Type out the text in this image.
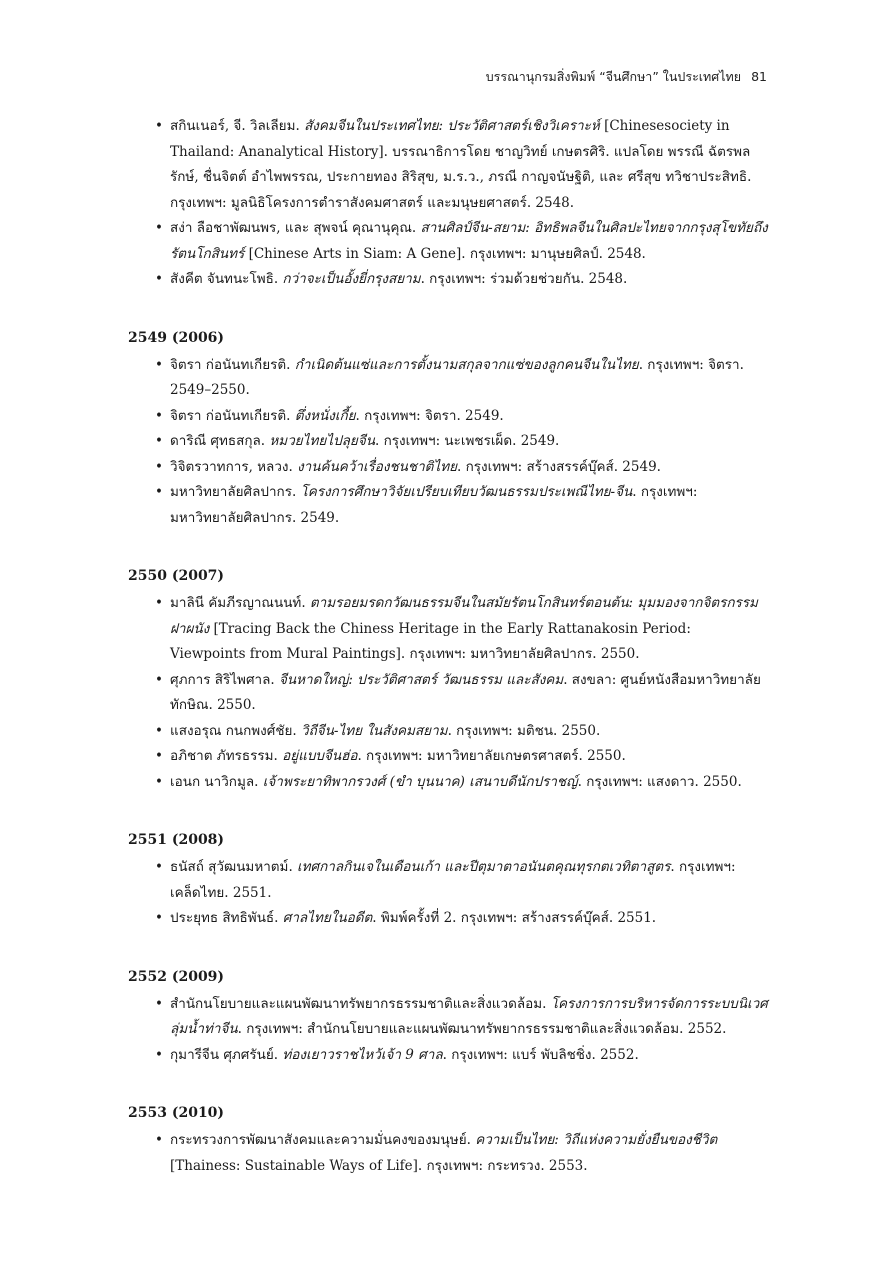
บรรณานุกรมสิ่งพิมพ์ “จีนศึกษา” ในประเทศไทย 81

• สกินเนอร์, จี. วิลเลียม. สังคมจีนในประเทศไทย: ประวัติศาสตร์เชิงวิเคราะห์ [Chinesesociety in Thailand: Ananalytical History]. บรรณาธิการโดย ชาญวิทย์ เกษตรศิริ. แปลโดย พรรณี ฉัตรพลรักษ์, ชื่นจิตต์ อำไพพรรณ, ประกายทอง สิริสุข, ม.ร.ว., ภรณี กาญจนัษฐิติ, และ ศรีสุข ทวิชาประสิทธิ. กรุงเทพฯ: มูลนิธิโครงการตำราสังคมศาสตร์ และมนุษยศาสตร์. 2548.

• สง่า ลือชาพัฒนพร, และ สุพจน์ คุณานุคุณ. สานศิลป์จีน-สยาม: อิทธิพลจีนในศิลปะไทยจากกรุงสุโขทัยถึงรัตนโกสินทร์ [Chinese Arts in Siam: A Gene]. กรุงเทพฯ: มานุษยศิลป์. 2548.

• สังคีต จันทนะโพธิ. กว่าจะเป็นอั้งยี่กรุงสยาม. กรุงเทพฯ: ร่วมด้วยช่วยกัน. 2548.

2549 (2006)

• จิตรา ก่อนันทเกียรติ. กำเนิดต้นแซ่และการตั้งนามสกุลจากแซ่ของลูกคนจีนในไทย. กรุงเทพฯ: จิตรา. 2549–2550.

• จิตรา ก่อนันทเกียรติ. ตึ่งหนั่งเกี้ย. กรุงเทพฯ: จิตรา. 2549.

• ดาริณี ศุทธสกุล. หมวยไทยไปลุยจีน. กรุงเทพฯ: นะเพชรเผ็ด. 2549.

• วิจิตรวาทการ, หลวง. งานค้นคว้าเรื่องชนชาติไทย. กรุงเทพฯ: สร้างสรรค์บุ๊คส์. 2549.

• มหาวิทยาลัยศิลปากร. โครงการศึกษาวิจัยเปรียบเทียบวัฒนธรรมประเพณีไทย-จีน. กรุงเทพฯ: มหาวิทยาลัยศิลปากร. 2549.

2550 (2007)

• มาลินี คัมภีรญาณนนท์. ตามรอยมรดกวัฒนธรรมจีนในสมัยรัตนโกสินทร์ตอนต้น: มุมมองจากจิตรกรรมฝาผนัง [Tracing Back the Chiness Heritage in the Early Rattanakosin Period: Viewpoints from Mural Paintings]. กรุงเทพฯ: มหาวิทยาลัยศิลปากร. 2550.

• ศุภการ สิริไพศาล. จีนหาดใหญ่: ประวัติศาสตร์ วัฒนธรรม และสังคม. สงขลา: ศูนย์หนังสือมหาวิทยาลัยทักษิณ. 2550.

• แสงอรุณ กนกพงศ์ชัย. วิถีจีน-ไทย ในสังคมสยาม. กรุงเทพฯ: มติชน. 2550.

• อภิชาต ภัทรธรรม. อยู่แบบจีนฮ่อ. กรุงเทพฯ: มหาวิทยาลัยเกษตรศาสตร์. 2550.

• เอนก นาวิกมูล. เจ้าพระยาทิพากรวงศ์ (ขำ บุนนาค) เสนาบดีนักปราชญ์. กรุงเทพฯ: แสงดาว. 2550.

2551 (2008)

• ธนัสถ์ สุวัฒนมหาตม์. เทศกาลกินเจในเดือนเก้า และปีตุมาตาอนันตคุณทุรกตเวทิตาสูตร. กรุงเทพฯ: เคล็ดไทย. 2551.

• ประยุทธ สิทธิพันธ์. ศาลไทยในอดีต. พิมพ์ครั้งที่ 2. กรุงเทพฯ: สร้างสรรค์บุ๊คส์. 2551.

2552 (2009)

• สำนักนโยบายและแผนพัฒนาทรัพยากรธรรมชาติและสิ่งแวดล้อม. โครงการการบริหารจัดการระบบนิเวศลุ่มน้ำท่าจีน. กรุงเทพฯ: สำนักนโยบายและแผนพัฒนาทรัพยากรธรรมชาติและสิ่งแวดล้อม. 2552.

• กุมารีจีน ศุภศรันย์. ท่องเยาวราชไหว้เจ้า 9 ศาล. กรุงเทพฯ: แบร์ พับลิชชิ่ง. 2552.

2553 (2010)

• กระทรวงการพัฒนาสังคมและความมั่นคงของมนุษย์. ความเป็นไทย: วิถีแห่งความยั่งยืนของชีวิต [Thainess: Sustainable Ways of Life]. กรุงเทพฯ: กระทรวง. 2553.
